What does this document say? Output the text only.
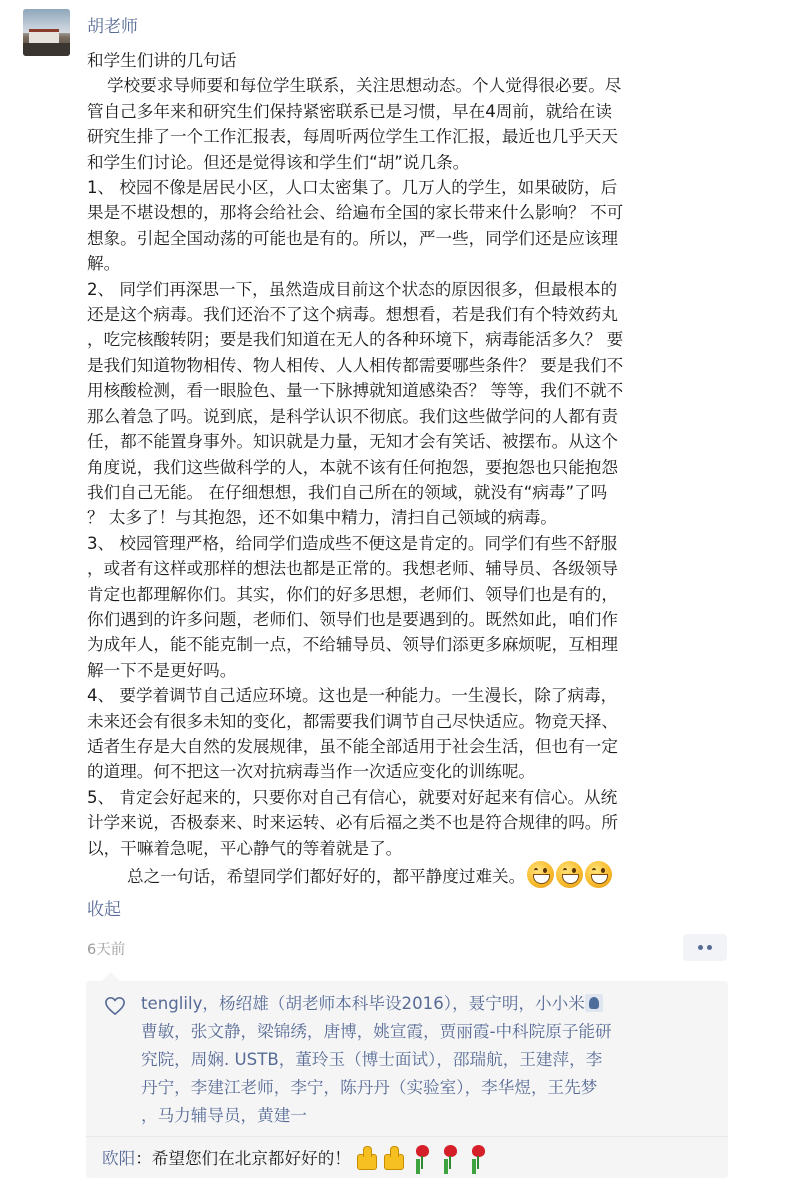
胡老师

和学生们讲的几句话

学校要求导师要和每位学生联系，关注思想动态。个人觉得很必要。尽

管自己多年来和研究生们保持紧密联系已是习惯，早在4周前，就给在读

研究生排了一个工作汇报表，每周听两位学生工作汇报，最近也几乎天天

和学生们讨论。但还是觉得该和学生们“胡”说几条。

1、 校园不像是居民小区，人口太密集了。几万人的学生，如果破防，后

果是不堪设想的，那将会给社会、给遍布全国的家长带来什么影响？ 不可

想象。引起全国动荡的可能也是有的。所以，严一些，同学们还是应该理

解。

2、 同学们再深思一下，虽然造成目前这个状态的原因很多，但最根本的

还是这个病毒。我们还治不了这个病毒。想想看，若是我们有个特效药丸

，吃完核酸转阴；要是我们知道在无人的各种环境下，病毒能活多久？ 要

是我们知道物物相传、物人相传、人人相传都需要哪些条件？ 要是我们不

用核酸检测，看一眼脸色、量一下脉搏就知道感染否？ 等等，我们不就不

那么着急了吗。说到底，是科学认识不彻底。我们这些做学问的人都有责

任，都不能置身事外。知识就是力量，无知才会有笑话、被摆布。从这个

角度说，我们这些做科学的人，本就不该有任何抱怨，要抱怨也只能抱怨

我们自己无能。 在仔细想想，我们自己所在的领域，就没有“病毒”了吗

？ 太多了！与其抱怨，还不如集中精力，清扫自己领域的病毒。

3、 校园管理严格，给同学们造成些不便这是肯定的。同学们有些不舒服

，或者有这样或那样的想法也都是正常的。我想老师、辅导员、各级领导

肯定也都理解你们。其实，你们的好多思想，老师们、领导们也是有的，

你们遇到的许多问题，老师们、领导们也是要遇到的。既然如此，咱们作

为成年人，能不能克制一点，不给辅导员、领导们添更多麻烦呢，互相理

解一下不是更好吗。

4、 要学着调节自己适应环境。这也是一种能力。一生漫长，除了病毒，

未来还会有很多未知的变化，都需要我们调节自己尽快适应。物竞天择、

适者生存是大自然的发展规律，虽不能全部适用于社会生活，但也有一定

的道理。何不把这一次对抗病毒当作一次适应变化的训练呢。

5、 肯定会好起来的，只要你对自己有信心，就要对好起来有信心。从统

计学来说，否极泰来、时来运转、必有后福之类不也是符合规律的吗。所

以，干嘛着急呢，平心静气的等着就是了。

总之一句话，希望同学们都好好的，都平静度过难关。

收起
6天前

tenglily，杨绍雄（胡老师本科毕设2016），聂宁明，小小米

曹敏，张文静，梁锦绣，唐博，姚宣霞，贾丽霞-中科院原子能研

究院，周娴. USTB，董玲玉（博士面试），邵瑞航，王建萍，李

丹宁，李建江老师，李宁，陈丹丹（实验室），李华煜，王先梦

，马力辅导员，黄建一

欧阳：希望您们在北京都好好的！
